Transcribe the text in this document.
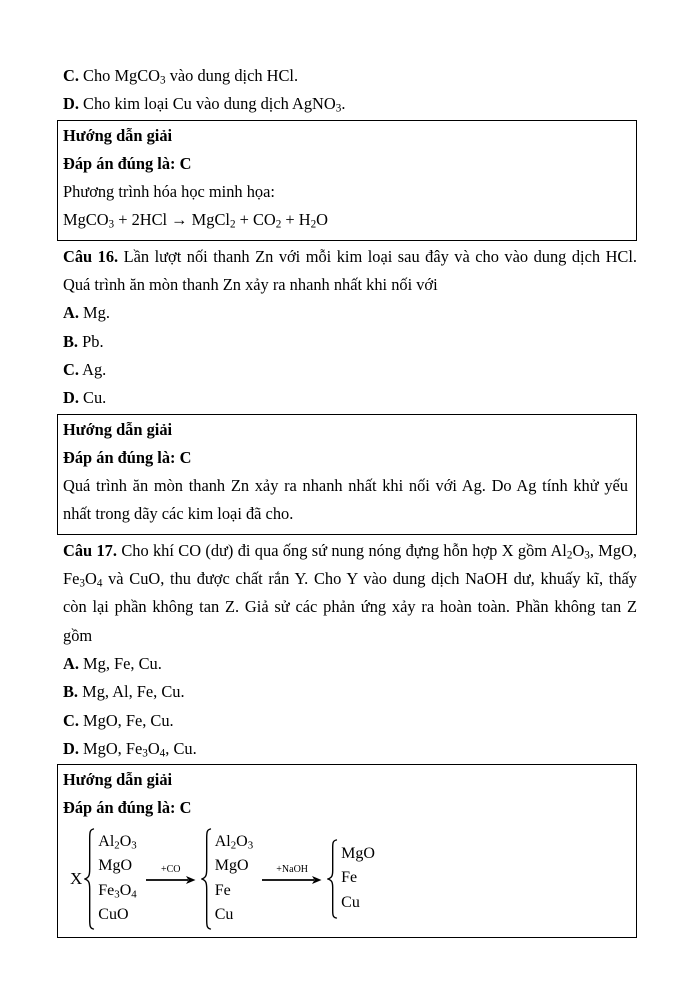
C. Cho MgCO$_3$ vào dung dịch HCl.

D. Cho kim loại Cu vào dung dịch AgNO$_3$.

Hướng dẫn giải

Đáp án đúng là: C

Phương trình hóa học minh họa:

MgCO$_3$ + 2HCl → MgCl$_2$ + $CO_2 + H_2O$

Câu 16. Lần lượt nối thanh Zn với mỗi kim loại sau đây và cho vào dung dịch HCl. Quá trình ăn mòn thanh Zn xảy ra nhanh nhất khi nối với

A. Mg.

B. Pb.

C. Ag.

D. Cu.

Hướng dẫn giải

Đáp án đúng là: C

Quá trình ăn mòn thanh Zn xảy ra nhanh nhất khi nối với Ag. Do Ag tính khử yếu nhất trong dãy các kim loại đã cho.

Câu 17. Cho khí CO (dư) đi qua ống sứ nung nóng đựng hỗn hợp X gồm $Al_2O_3$, MgO, $Fe_3O_4$ và CuO, thu được chất rắn Y. Cho Y vào dung dịch NaOH dư, khuấy kĩ, thấy còn lại phần không tan Z. Giả sử các phản ứng xảy ra hoàn toàn. Phần không tan Z gồm

A. Mg, Fe, Cu.

B. Mg, Al, Fe, Cu.

C. MgO, Fe, Cu.

D. MgO, $Fe_3O_4$, Cu.

Hướng dẫn giải

Đáp án đúng là: C

X
$Al_2O_3$
MgO
$Fe_3O_4$
CuO
+CO
$Al_2O_3$
MgO
Fe
Cu
+NaOH
MgO
Fe
Cu
